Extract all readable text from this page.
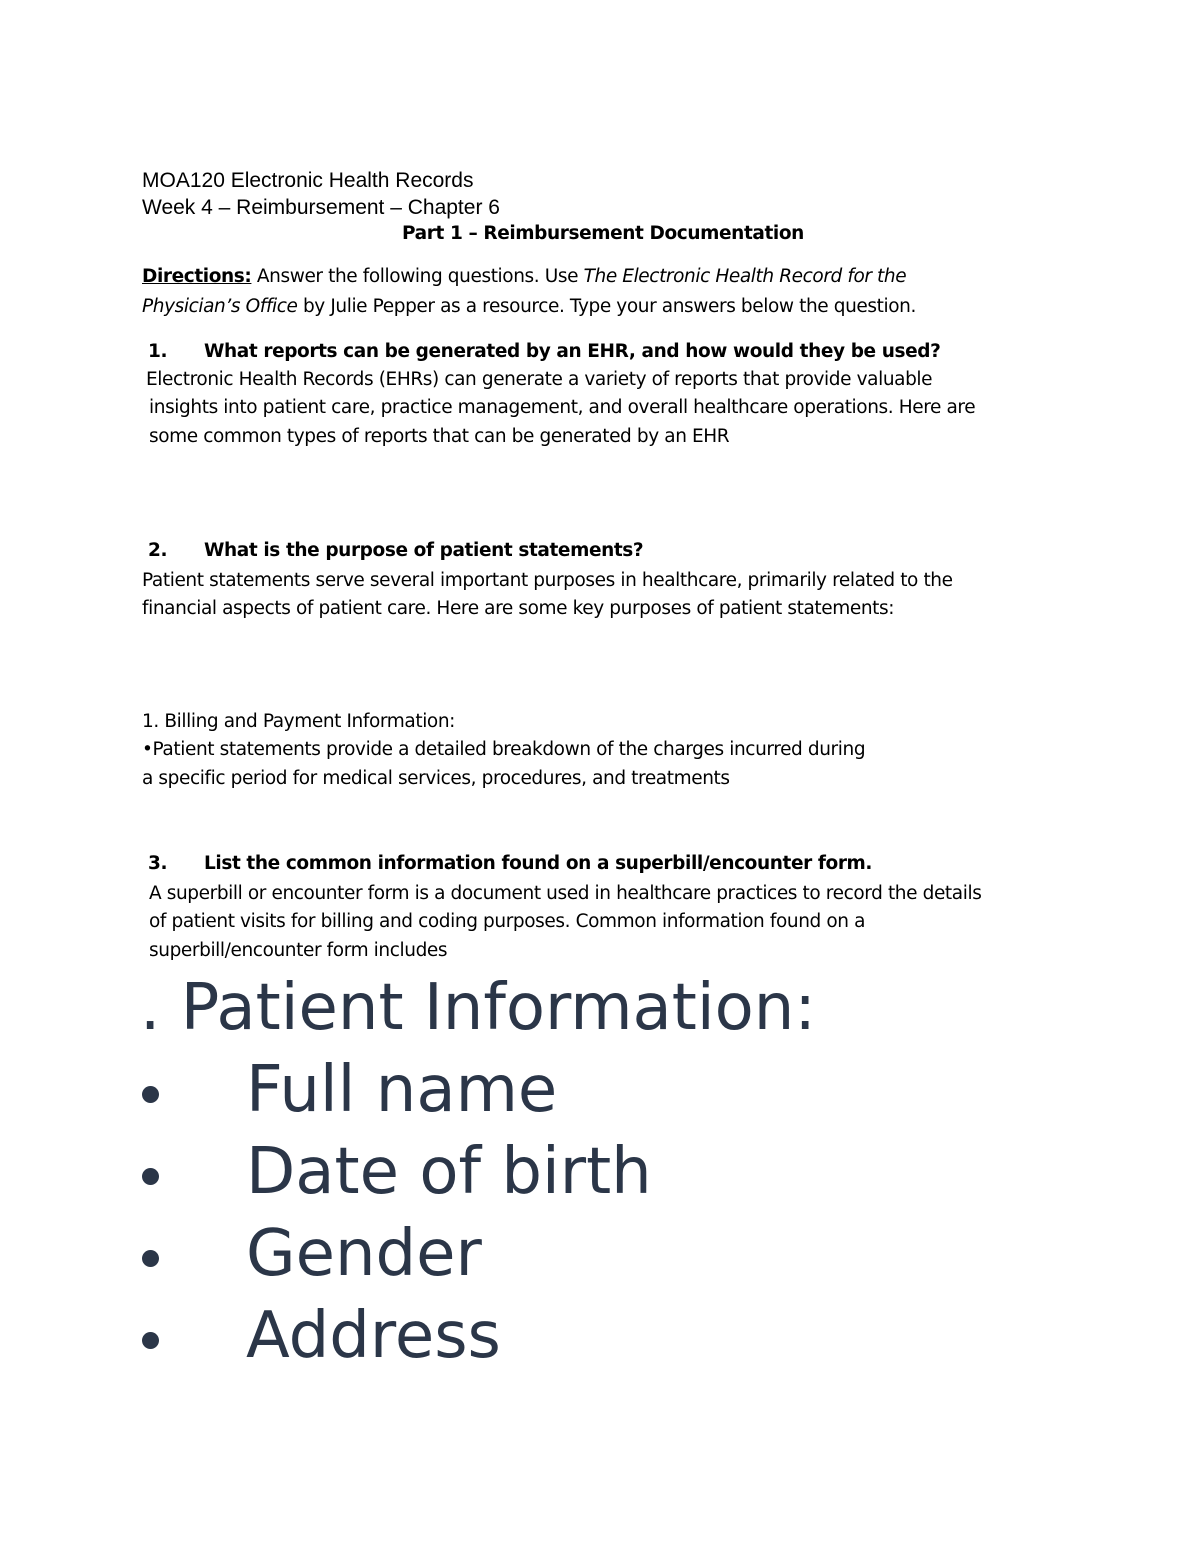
MOA120 Electronic Health Records
Week 4 – Reimbursement – Chapter 6
Part 1 – Reimbursement Documentation
Directions: Answer the following questions. Use The Electronic Health Record for the
Physician’s Office by Julie Pepper as a resource. Type your answers below the question.
1. What reports can be generated by an EHR, and how would they be used?
Electronic Health Records (EHRs) can generate a variety of reports that provide valuable
insights into patient care, practice management, and overall healthcare operations. Here are
some common types of reports that can be generated by an EHR
2. What is the purpose of patient statements?
Patient statements serve several important purposes in healthcare, primarily related to the
financial aspects of patient care. Here are some key purposes of patient statements:
1. Billing and Payment Information:
•Patient statements provide a detailed breakdown of the charges incurred during
a specific period for medical services, procedures, and treatments
3. List the common information found on a superbill/encounter form.
A superbill or encounter form is a document used in healthcare practices to record the details
of patient visits for billing and coding purposes. Common information found on a
superbill/encounter form includes
. Patient Information:
Full name
Date of birth
Gender
Address
